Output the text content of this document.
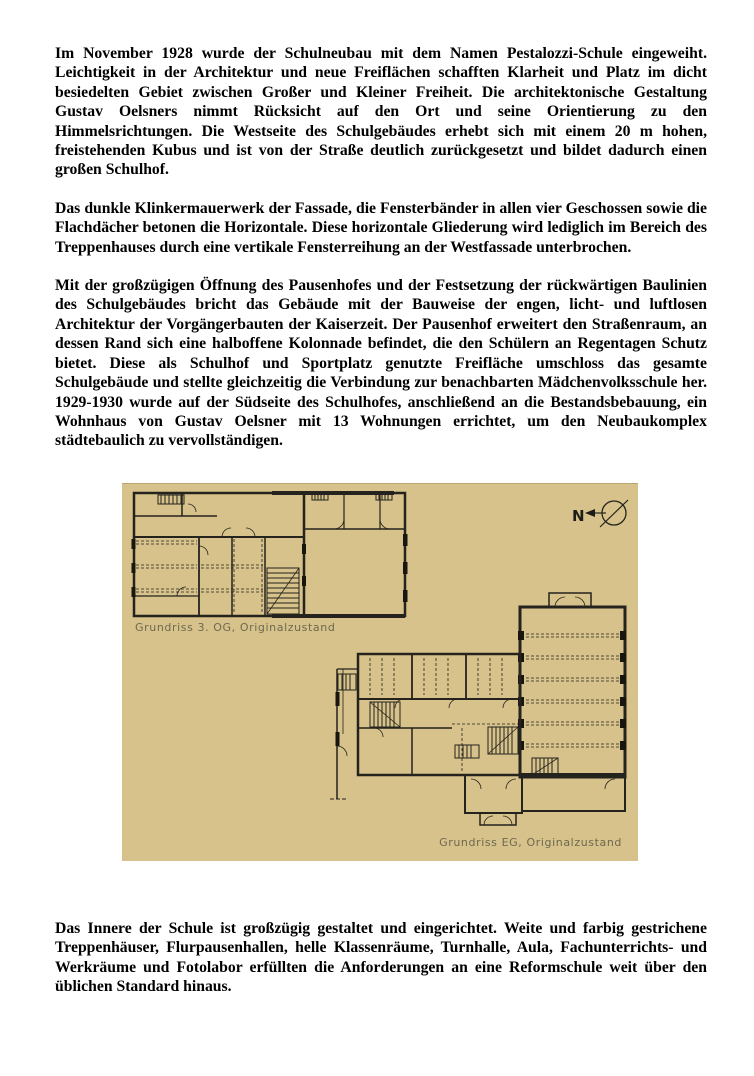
Im November 1928 wurde der Schulneubau mit dem Namen Pestalozzi-Schule eingeweiht. Leichtigkeit in der Architektur und neue Freiflächen schafften Klarheit und Platz im dicht besiedelten Gebiet zwischen Großer und Kleiner Freiheit. Die architektonische Gestaltung Gustav Oelsners nimmt Rücksicht auf den Ort und seine Orientierung zu den Himmelsrichtungen. Die Westseite des Schulgebäudes erhebt sich mit einem 20 m hohen, freistehenden Kubus und ist von der Straße deutlich zurückgesetzt und bildet dadurch einen großen Schulhof.

Das dunkle Klinkermauerwerk der Fassade, die Fensterbänder in allen vier Geschossen sowie die Flachdächer betonen die Horizontale. Diese horizontale Gliederung wird lediglich im Bereich des Treppenhauses durch eine vertikale Fensterreihung an der Westfassade unterbrochen.

Mit der großzügigen Öffnung des Pausenhofes und der Festsetzung der rückwärtigen Baulinien des Schulgebäudes bricht das Gebäude mit der Bauweise der engen, licht- und luftlosen Architektur der Vorgängerbauten der Kaiserzeit. Der Pausenhof erweitert den Straßenraum, an dessen Rand sich eine halboffene Kolonnade befindet, die den Schülern an Regentagen Schutz bietet. Diese als Schulhof und Sportplatz genutzte Freifläche umschloss das gesamte Schulgebäude und stellte gleichzeitig die Verbindung zur benachbarten Mädchenvolksschule her. 1929-1930 wurde auf der Südseite des Schulhofes, anschließend an die Bestandsbebauung, ein Wohnhaus von Gustav Oelsner mit 13 Wohnungen errichtet, um den Neubaukomplex städtebaulich zu vervollständigen.

N
Grundriss 3. OG, Originalzustand
Grundriss EG, Originalzustand

Das Innere der Schule ist großzügig gestaltet und eingerichtet. Weite und farbig gestrichene Treppenhäuser, Flurpausenhallen, helle Klassenräume, Turnhalle, Aula, Fachunterrichts- und Werkräume und Fotolabor erfüllten die Anforderungen an eine Reformschule weit über den üblichen Standard hinaus.
